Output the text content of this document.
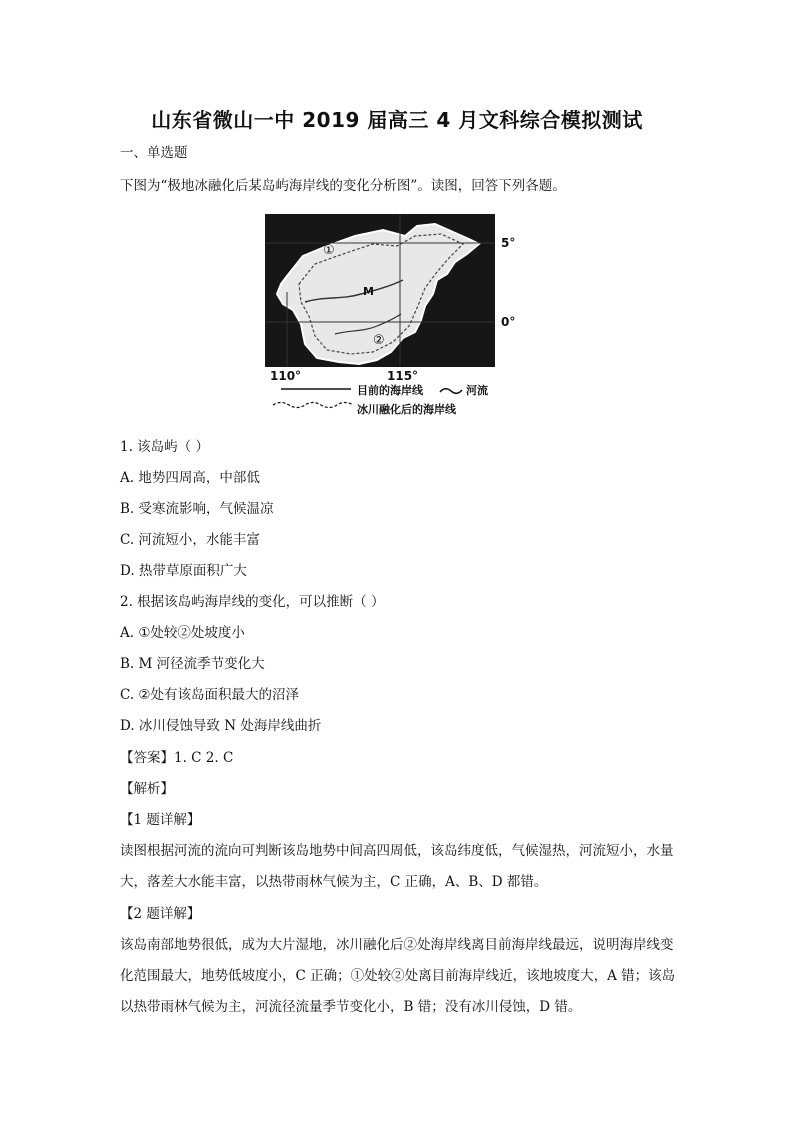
山东省微山一中 2019 届高三 4 月文科综合模拟测试
一、单选题
下图为“极地冰融化后某岛屿海岸线的变化分析图”。读图，回答下列各题。
①
M
②
5°
0°
110°	115°
目前的海岸线	河流
冰川融化后的海岸线
1. 该岛屿（ ）
A. 地势四周高，中部低
B. 受寒流影响，气候温凉
C. 河流短小，水能丰富
D. 热带草原面积广大
2. 根据该岛屿海岸线的变化，可以推断（ ）
A. ①处较②处坡度小
B. M 河径流季节变化大
C. ②处有该岛面积最大的沼泽
D. 冰川侵蚀导致 N 处海岸线曲折
【答案】1. C 2. C
【解析】
【1 题详解】
读图根据河流的流向可判断该岛地势中间高四周低，该岛纬度低，气候湿热，河流短小，水量大，落差大水能丰富，以热带雨林气候为主，C 正确，A、B、D 都错。
【2 题详解】
该岛南部地势很低，成为大片湿地，冰川融化后②处海岸线离目前海岸线最远，说明海岸线变化范围最大，地势低坡度小，C 正确；①处较②处离目前海岸线近，该地坡度大，A 错；该岛以热带雨林气候为主，河流径流量季节变化小，B 错；没有冰川侵蚀，D 错。
